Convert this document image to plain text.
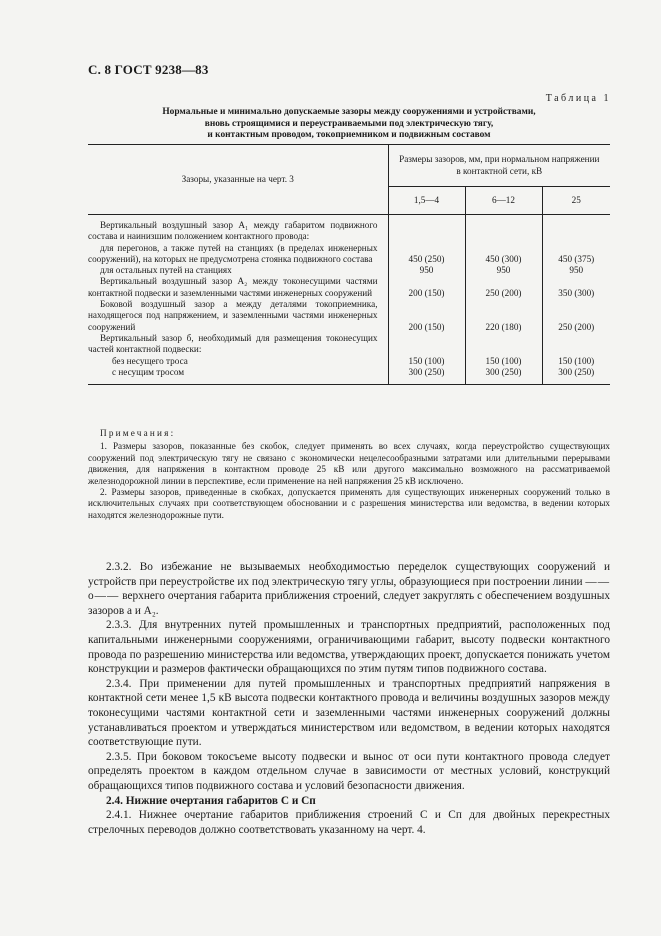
С. 8 ГОСТ 9238—83
Таблица 1
Нормальные и минимально допускаемые зазоры между сооружениями и устройствами,
вновь строящимися и переустраиваемыми под электрическую тягу,
и контактным проводом, токоприемником и подвижным составом
Зазоры, указанные на черт. 3	Размеры зазоров, мм, при нормальном напряжении в контактной сети, кВ		
	1,5—4	6—12	25
Вертикальный воздушный зазор A₁ между габаритом подвижного состава и наинизшим положением контактного провода:			
для перегонов, а также путей на станциях (в пределах инженерных сооружений), на которых не предусмотрена стоянка подвижного состава	450 (250)	450 (300)	450 (375)
для остальных путей на станциях	950	950	950
Вертикальный воздушный зазор A₂ между токонесущими частями контактной подвески и заземленными частями инженерных сооружений	200 (150)	250 (200)	350 (300)
Боковой воздушный зазор а между деталями токоприемника, находящегося под напряжением, и заземленными частями инженерных сооружений	200 (150)	220 (180)	250 (200)
Вертикальный зазор б, необходимый для размещения токонесущих частей контактной подвески:			
без несущего троса	150 (100)	150 (100)	150 (100)
с несущим тросом	300 (250)	300 (250)	300 (250)

Примечания:

1. Размеры зазоров, показанные без скобок, следует применять во всех случаях, когда переустройство существующих сооружений под электрическую тягу не связано с экономически нецелесообразными затратами или длительными перерывами движения, для напряжения в контактном проводе 25 кВ или другого максимально возможного на рассматриваемой железнодорожной линии в перспективе, если применение на ней напряжения 25 кВ исключено.

2. Размеры зазоров, приведенные в скобках, допускается применять для существующих инженерных сооружений только в исключительных случаях при соответствующем обосновании и с разрешения министерства или ведомства, в ведении которых находятся железнодорожные пути.

2.3.2. Во избежание не вызываемых необходимостью переделок существующих сооружений и устройств при переустройстве их под электрическую тягу углы, образующиеся при построении линии ——o—— верхнего очертания габарита приближения строений, следует закруглять с обеспечением воздушных зазоров а и A₂.

2.3.3. Для внутренних путей промышленных и транспортных предприятий, расположенных под капитальными инженерными сооружениями, ограничивающими габарит, высоту подвески контактного провода по разрешению министерства или ведомства, утверждающих проект, допускается понижать учетом конструкции и размеров фактически обращающихся по этим путям типов подвижного состава.

2.3.4. При применении для путей промышленных и транспортных предприятий напряжения в контактной сети менее 1,5 кВ высота подвески контактного провода и величины воздушных зазоров между токонесущими частями контактной сети и заземленными частями инженерных сооружений должны устанавливаться проектом и утверждаться министерством или ведомством, в ведении которых находятся соответствующие пути.

2.3.5. При боковом токосъеме высоту подвески и вынос от оси пути контактного провода следует определять проектом в каждом отдельном случае в зависимости от местных условий, конструкций обращающихся типов подвижного состава и условий безопасности движения.

2.4. Нижние очертания габаритов С и Сп

2.4.1. Нижнее очертание габаритов приближения строений С и Сп для двойных перекрестных стрелочных переводов должно соответствовать указанному на черт. 4.
